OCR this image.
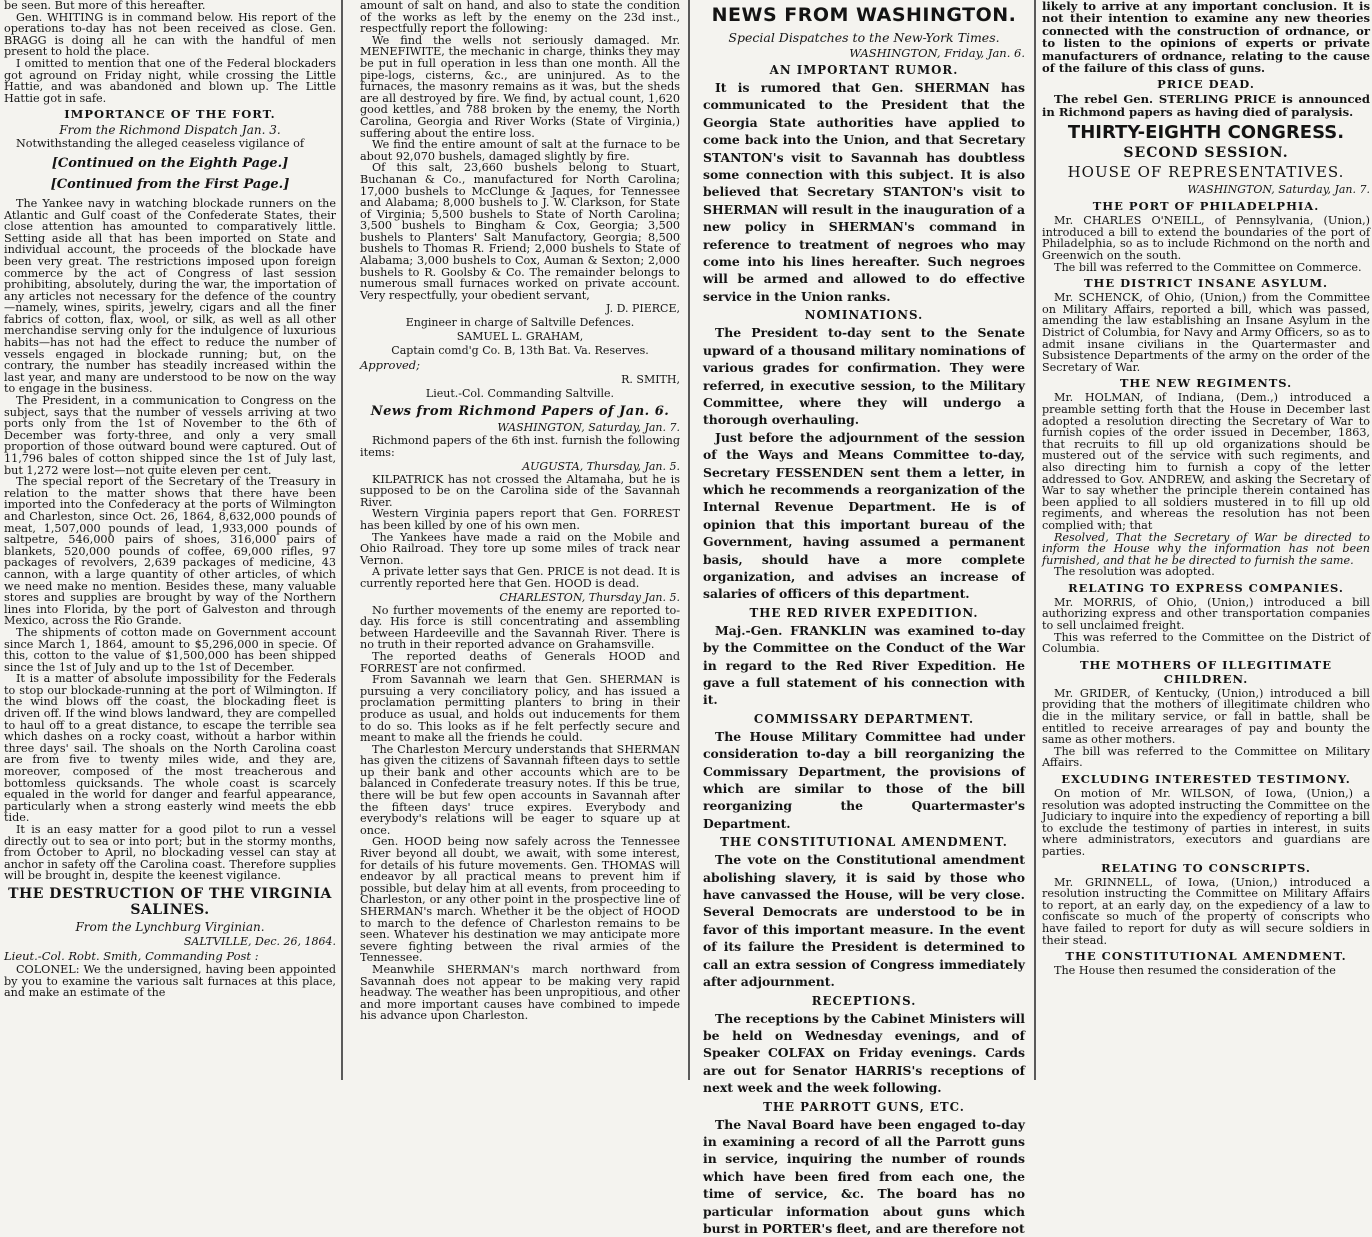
be seen. But more of this hereafter.

Gen. WHITING is in command below. His report of the operations to-day has not been received as close. Gen. BRAGG is doing all he can with the handful of men present to hold the place.

I omitted to mention that one of the Federal blockaders got aground on Friday night, while crossing the Little Hattie, and was abandoned and blown up. The Little Hattie got in safe.

IMPORTANCE OF THE FORT.
From the Richmond Dispatch Jan. 3.

Notwithstanding the alleged ceaseless vigilance of

[Continued on the Eighth Page.]
[Continued from the First Page.]

The Yankee navy in watching blockade runners on the Atlantic and Gulf coast of the Confederate States, their close attention has amounted to comparatively little. Setting aside all that has been imported on State and individual account, the proceeds of the blockade have been very great. The restrictions imposed upon foreign commerce by the act of Congress of last session prohibiting, absolutely, during the war, the importation of any articles not necessary for the defence of the country—namely, wines, spirits, jewelry, cigars and all the finer fabrics of cotton, flax, wool, or silk, as well as all other merchandise serving only for the indulgence of luxurious habits—has not had the effect to reduce the number of vessels engaged in blockade running; but, on the contrary, the number has steadily increased within the last year, and many are understood to be now on the way to engage in the business.

The President, in a communication to Congress on the subject, says that the number of vessels arriving at two ports only from the 1st of November to the 6th of December was forty-three, and only a very small proportion of those outward bound were captured. Out of 11,796 bales of cotton shipped since the 1st of July last, but 1,272 were lost—not quite eleven per cent.

The special report of the Secretary of the Treasury in relation to the matter shows that there have been imported into the Confederacy at the ports of Wilmington and Charleston, since Oct. 26, 1864, 8,632,000 pounds of meat, 1,507,000 pounds of lead, 1,933,000 pounds of saltpetre, 546,000 pairs of shoes, 316,000 pairs of blankets, 520,000 pounds of coffee, 69,000 rifles, 97 packages of revolvers, 2,639 packages of medicine, 43 cannon, with a large quantity of other articles, of which we need make no mention. Besides these, many valuable stores and supplies are brought by way of the Northern lines into Florida, by the port of Galveston and through Mexico, across the Rio Grande.

The shipments of cotton made on Government account since March 1, 1864, amount to $5,296,000 in specie. Of this, cotton to the value of $1,500,000 has been shipped since the 1st of July and up to the 1st of December.

It is a matter of absolute impossibility for the Federals to stop our blockade-running at the port of Wilmington. If the wind blows off the coast, the blockading fleet is driven off. If the wind blows landward, they are compelled to haul off to a great distance, to escape the terrible sea which dashes on a rocky coast, without a harbor within three days' sail. The shoals on the North Carolina coast are from five to twenty miles wide, and they are, moreover, composed of the most treacherous and bottomless quicksands. The whole coast is scarcely equaled in the world for danger and fearful appearance, particularly when a strong easterly wind meets the ebb tide.

It is an easy matter for a good pilot to run a vessel directly out to sea or into port; but in the stormy months, from October to April, no blockading vessel can stay at anchor in safety off the Carolina coast. Therefore supplies will be brought in, despite the keenest vigilance.

THE DESTRUCTION OF THE VIRGINIA SALINES.
From the Lynchburg Virginian.
SALTVILLE, Dec. 26, 1864.
Lieut.-Col. Robt. Smith, Commanding Post :

COLONEL: We the undersigned, having been appointed by you to examine the various salt furnaces at this place, and make an estimate of the

amount of salt on hand, and also to state the condition of the works as left by the enemy on the 23d inst., respectfully report the following:

We find the wells not seriously damaged. Mr. MENEFIWITE, the mechanic in charge, thinks they may be put in full operation in less than one month. All the pipe-logs, cisterns, &c., are uninjured. As to the furnaces, the masonry remains as it was, but the sheds are all destroyed by fire. We find, by actual count, 1,620 good kettles, and 788 broken by the enemy, the North Carolina, Georgia and River Works (State of Virginia,) suffering about the entire loss.

We find the entire amount of salt at the furnace to be about 92,070 bushels, damaged slightly by fire.

Of this salt, 23,660 bushels belong to Stuart, Buchanan & Co., manufactured for North Carolina; 17,000 bushels to McClunge & Jaques, for Tennessee and Alabama; 8,000 bushels to J. W. Clarkson, for State of Virginia; 5,500 bushels to State of North Carolina; 3,500 bushels to Bingham & Cox, Georgia; 3,500 bushels to Planters' Salt Manufactory, Georgia; 8,500 bushels to Thomas R. Friend; 2,000 bushels to State of Alabama; 3,000 bushels to Cox, Auman & Sexton; 2,000 bushels to R. Goolsby & Co. The remainder belongs to numerous small furnaces worked on private account. Very respectfully, your obedient servant,

J. D. PIERCE,
Engineer in charge of Saltville Defences.
SAMUEL L. GRAHAM,
Captain comd'g Co. B, 13th Bat. Va. Reserves.
Approved;
R. SMITH,
Lieut.-Col. Commanding Saltville.
News from Richmond Papers of Jan. 6.
WASHINGTON, Saturday, Jan. 7.

Richmond papers of the 6th inst. furnish the following items:

AUGUSTA, Thursday, Jan. 5.

KILPATRICK has not crossed the Altamaha, but he is supposed to be on the Carolina side of the Savannah River.

Western Virginia papers report that Gen. FORREST has been killed by one of his own men.

The Yankees have made a raid on the Mobile and Ohio Railroad. They tore up some miles of track near Vernon.

A private letter says that Gen. PRICE is not dead. It is currently reported here that Gen. HOOD is dead.

CHARLESTON, Thursday Jan. 5.

No further movements of the enemy are reported to-day. His force is still concentrating and assembling between Hardeeville and the Savannah River. There is no truth in their reported advance on Grahamsville.

The reported deaths of Generals HOOD and FORREST are not confirmed.

From Savannah we learn that Gen. SHERMAN is pursuing a very conciliatory policy, and has issued a proclamation permitting planters to bring in their produce as usual, and holds out inducements for them to do so. This looks as if he felt perfectly secure and meant to make all the friends he could.

The Charleston Mercury understands that SHERMAN has given the citizens of Savannah fifteen days to settle up their bank and other accounts which are to be balanced in Confederate treasury notes. If this be true, there will be but few open accounts in Savannah after the fifteen days' truce expires. Everybody and everybody's relations will be eager to square up at once.

Gen. HOOD being now safely across the Tennessee River beyond all doubt, we await, with some interest, for details of his future movements. Gen. THOMAS will endeavor by all practical means to prevent him if possible, but delay him at all events, from proceeding to Charleston, or any other point in the prospective line of SHERMAN's march. Whether it be the object of HOOD to march to the defence of Charleston remains to be seen. Whatever his destination we may anticipate more severe fighting between the rival armies of the Tennessee.

Meanwhile SHERMAN's march northward from Savannah does not appear to be making very rapid headway. The weather has been unpropitious, and other and more important causes have combined to impede his advance upon Charleston.

NEWS FROM WASHINGTON.
Special Dispatches to the New-York Times.
WASHINGTON, Friday, Jan. 6.
AN IMPORTANT RUMOR.

It is rumored that Gen. SHERMAN has communicated to the President that the Georgia State authorities have applied to come back into the Union, and that Secretary STANTON's visit to Savannah has doubtless some connection with this subject. It is also believed that Secretary STANTON's visit to SHERMAN will result in the inauguration of a new policy in SHERMAN's command in reference to treatment of negroes who may come into his lines hereafter. Such negroes will be armed and allowed to do effective service in the Union ranks.

NOMINATIONS.

The President to-day sent to the Senate upward of a thousand military nominations of various grades for confirmation. They were referred, in executive session, to the Military Committee, where they will undergo a thorough overhauling.

Just before the adjournment of the session of the Ways and Means Committee to-day, Secretary FESSENDEN sent them a letter, in which he recommends a reorganization of the Internal Revenue Department. He is of opinion that this important bureau of the Government, having assumed a permanent basis, should have a more complete organization, and advises an increase of salaries of officers of this department.

THE RED RIVER EXPEDITION.

Maj.-Gen. FRANKLIN was examined to-day by the Committee on the Conduct of the War in regard to the Red River Expedition. He gave a full statement of his connection with it.

COMMISSARY DEPARTMENT.

The House Military Committee had under consideration to-day a bill reorganizing the Commissary Department, the provisions of which are similar to those of the bill reorganizing the Quartermaster's Department.

THE CONSTITUTIONAL AMENDMENT.

The vote on the Constitutional amendment abolishing slavery, it is said by those who have canvassed the House, will be very close. Several Democrats are understood to be in favor of this important measure. In the event of its failure the President is determined to call an extra session of Congress immediately after adjournment.

RECEPTIONS.

The receptions by the Cabinet Ministers will be held on Wednesday evenings, and of Speaker COLFAX on Friday evenings. Cards are out for Senator HARRIS's receptions of next week and the week following.

THE PARROTT GUNS, ETC.

The Naval Board have been engaged to-day in examining a record of all the Parrott guns in service, inquiring the number of rounds which have been fired from each one, the time of service, &c. The board has no particular information about guns which burst in PORTER's fleet, and are therefore not

likely to arrive at any important conclusion. It is not their intention to examine any new theories connected with the construction of ordnance, or to listen to the opinions of experts or private manufacturers of ordnance, relating to the cause of the failure of this class of guns.

PRICE DEAD.

The rebel Gen. STERLING PRICE is announced in Richmond papers as having died of paralysis.

THIRTY-EIGHTH CONGRESS.
SECOND SESSION.
HOUSE OF REPRESENTATIVES.
WASHINGTON, Saturday, Jan. 7.
THE PORT OF PHILADELPHIA.

Mr. CHARLES O'NEILL, of Pennsylvania, (Union,) introduced a bill to extend the boundaries of the port of Philadelphia, so as to include Richmond on the north and Greenwich on the south.

The bill was referred to the Committee on Commerce.

THE DISTRICT INSANE ASYLUM.

Mr. SCHENCK, of Ohio, (Union,) from the Committee on Military Affairs, reported a bill, which was passed, amending the law establishing an Insane Asylum in the District of Columbia, for Navy and Army Officers, so as to admit insane civilians in the Quartermaster and Subsistence Departments of the army on the order of the Secretary of War.

THE NEW REGIMENTS.

Mr. HOLMAN, of Indiana, (Dem.,) introduced a preamble setting forth that the House in December last adopted a resolution directing the Secretary of War to furnish copies of the order issued in December, 1863, that recruits to fill up old organizations should be mustered out of the service with such regiments, and also directing him to furnish a copy of the letter addressed to Gov. ANDREW, and asking the Secretary of War to say whether the principle therein contained has been applied to all soldiers mustered in to fill up old regiments, and whereas the resolution has not been complied with; that

Resolved, That the Secretary of War be directed to inform the House why the information has not been furnished, and that he be directed to furnish the same.

The resolution was adopted.

RELATING TO EXPRESS COMPANIES.

Mr. MORRIS, of Ohio, (Union,) introduced a bill authorizing express and other transportation companies to sell unclaimed freight.

This was referred to the Committee on the District of Columbia.

THE MOTHERS OF ILLEGITIMATE CHILDREN.

Mr. GRIDER, of Kentucky, (Union,) introduced a bill providing that the mothers of illegitimate children who die in the military service, or fall in battle, shall be entitled to receive arrearages of pay and bounty the same as other mothers.

The bill was referred to the Committee on Military Affairs.

EXCLUDING INTERESTED TESTIMONY.

On motion of Mr. WILSON, of Iowa, (Union,) a resolution was adopted instructing the Committee on the Judiciary to inquire into the expediency of reporting a bill to exclude the testimony of parties in interest, in suits where administrators, executors and guardians are parties.

RELATING TO CONSCRIPTS.

Mr. GRINNELL, of Iowa, (Union,) introduced a resolution instructing the Committee on Military Affairs to report, at an early day, on the expediency of a law to confiscate so much of the property of conscripts who have failed to report for duty as will secure soldiers in their stead.

THE CONSTITUTIONAL AMENDMENT.

The House then resumed the consideration of the
